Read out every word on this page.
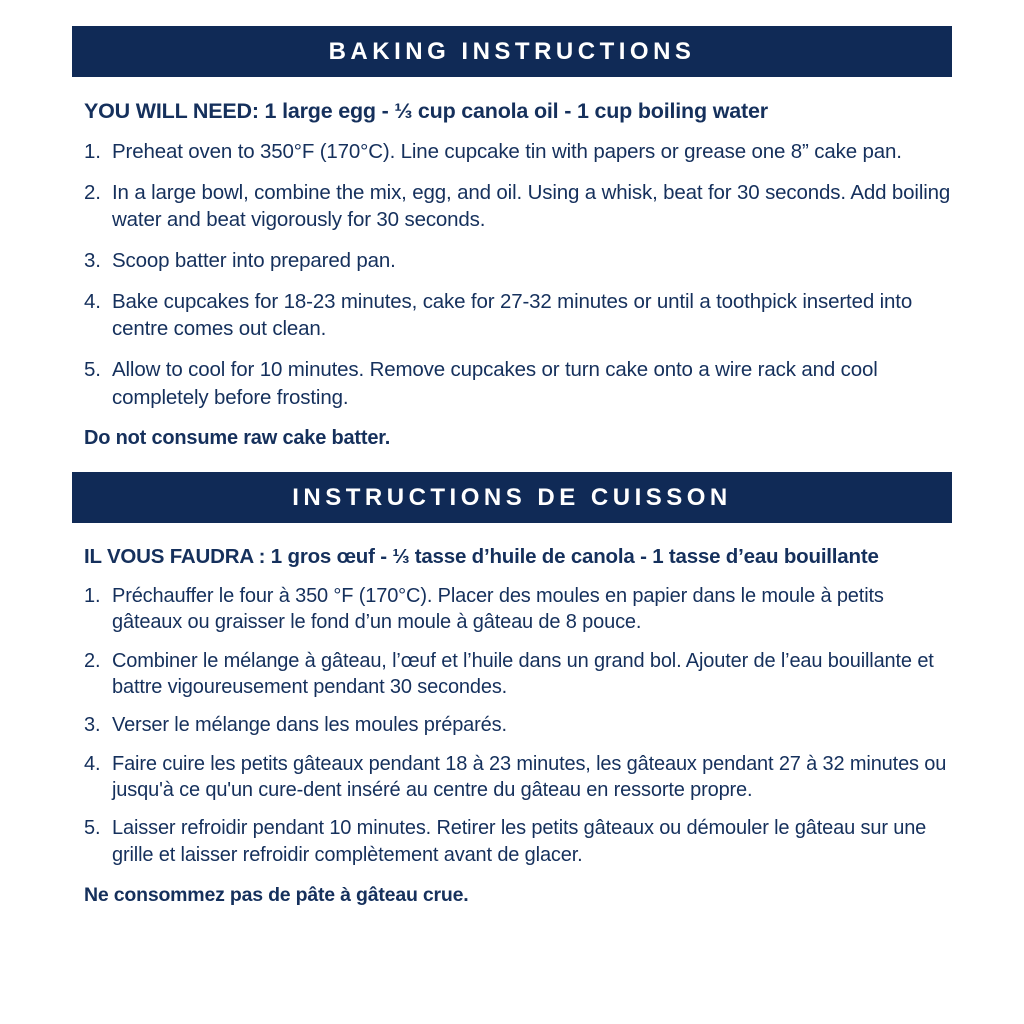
BAKING INSTRUCTIONS
YOU WILL NEED: 1 large egg - ⅓ cup canola oil - 1 cup boiling water
1. Preheat oven to 350°F (170°C). Line cupcake tin with papers or grease one 8” cake pan.
2. In a large bowl, combine the mix, egg, and oil. Using a whisk, beat for 30 seconds. Add boiling water and beat vigorously for 30 seconds.
3. Scoop batter into prepared pan.
4. Bake cupcakes for 18-23 minutes, cake for 27-32 minutes or until a toothpick inserted into centre comes out clean.
5. Allow to cool for 10 minutes. Remove cupcakes or turn cake onto a wire rack and cool completely before frosting.
Do not consume raw cake batter.
INSTRUCTIONS DE CUISSON
IL VOUS FAUDRA : 1 gros œuf - ⅓ tasse d’huile de canola - 1 tasse d’eau bouillante
1. Préchauffer le four à 350 °F (170°C). Placer des moules en papier dans le moule à petits gâteaux ou graisser le fond d’un moule à gâteau de 8 pouce.
2. Combiner le mélange à gâteau, l’œuf et l’huile dans un grand bol. Ajouter de l’eau bouillante et battre vigoureusement pendant 30 secondes.
3. Verser le mélange dans les moules préparés.
4. Faire cuire les petits gâteaux pendant 18 à 23 minutes, les gâteaux pendant 27 à 32 minutes ou jusqu'à ce qu'un cure-dent inséré au centre du gâteau en ressorte propre.
5. Laisser refroidir pendant 10 minutes. Retirer les petits gâteaux ou démouler le gâteau sur une grille et laisser refroidir complètement avant de glacer.
Ne consommez pas de pâte à gâteau crue.
